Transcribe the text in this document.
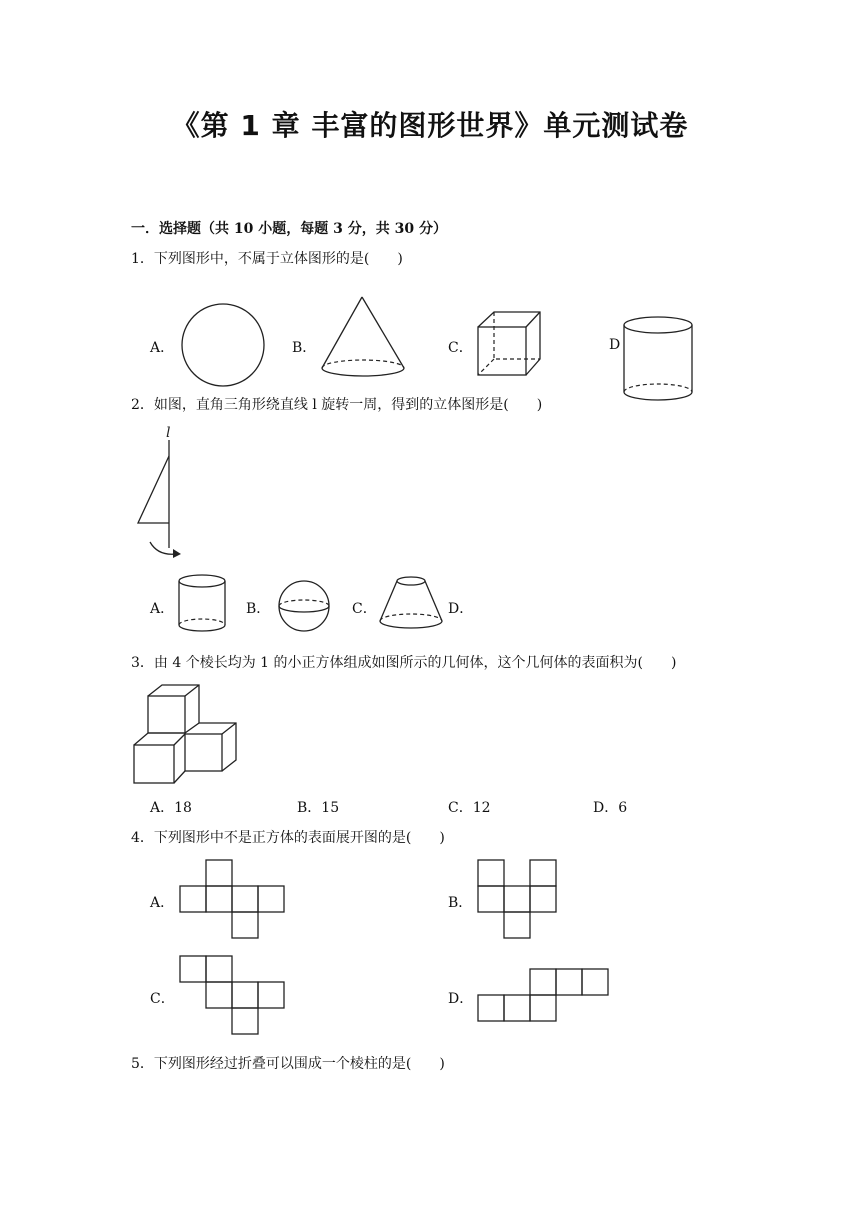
《第 1 章 丰富的图形世界》单元测试卷
一．选择题（共 10 小题，每题 3 分，共 30 分）
1．下列图形中，不属于立体图形的是(　　)
A．	B．	C．	D
2．如图，直角三角形绕直线 l 旋转一周，得到的立体图形是(　　)
l
A．	B．	C．	D．
3．由 4 个棱长均为 1 的小正方体组成如图所示的几何体，这个几何体的表面积为(　　)
A．18	B．15	C．12	D．6
4．下列图形中不是正方体的表面展开图的是(　　)
A．	B．
C．	D．
5．下列图形经过折叠可以围成一个棱柱的是(　　)
